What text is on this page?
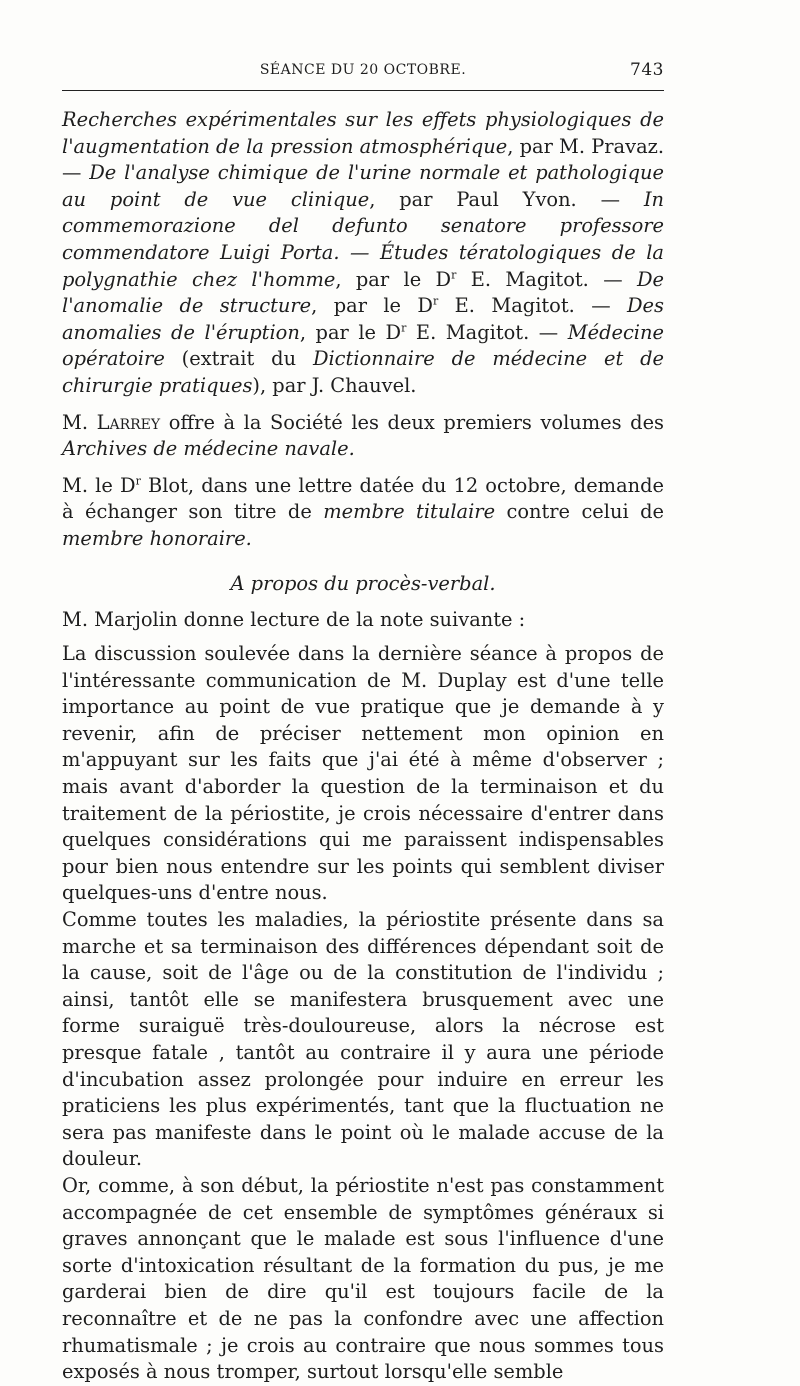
SÉANCE DU 20 OCTOBRE.	743

Recherches expérimentales sur les effets physiologiques de l'augmentation de la pression atmosphérique, par M. Pravaz. — De l'analyse chimique de l'urine normale et pathologique au point de vue clinique, par Paul Yvon. — In commemorazione del defunto senatore professore commendatore Luigi Porta. — Études tératologiques de la polygnathie chez l'homme, par le $D^r$ E. Magitot. — De l'anomalie de structure, par le $D^r$ E. Magitot. — Des anomalies de l'éruption, par le $D^r$ E. Magitot. — Médecine opératoire (extrait du Dictionnaire de médecine et de chirurgie pratiques), par J. Chauvel.

M. Larrey offre à la Société les deux premiers volumes des Archives de médecine navale.

M. le $D^r$ Blot, dans une lettre datée du 12 octobre, demande à échanger son titre de membre titulaire contre celui de membre honoraire.

A propos du procès-verbal.

M. Marjolin donne lecture de la note suivante :

La discussion soulevée dans la dernière séance à propos de l'intéressante communication de M. Duplay est d'une telle importance au point de vue pratique que je demande à y revenir, afin de préciser nettement mon opinion en m'appuyant sur les faits que j'ai été à même d'observer ; mais avant d'aborder la question de la terminaison et du traitement de la périostite, je crois nécessaire d'entrer dans quelques considérations qui me paraissent indispensables pour bien nous entendre sur les points qui semblent diviser quelques-uns d'entre nous.

Comme toutes les maladies, la périostite présente dans sa marche et sa terminaison des différences dépendant soit de la cause, soit de l'âge ou de la constitution de l'individu ; ainsi, tantôt elle se manifestera brusquement avec une forme suraiguë très-douloureuse, alors la nécrose est presque fatale , tantôt au contraire il y aura une période d'incubation assez prolongée pour induire en erreur les praticiens les plus expérimentés, tant que la fluctuation ne sera pas manifeste dans le point où le malade accuse de la douleur.

Or, comme, à son début, la périostite n'est pas constamment accompagnée de cet ensemble de symptômes généraux si graves annonçant que le malade est sous l'influence d'une sorte d'intoxication résultant de la formation du pus, je me garderai bien de dire qu'il est toujours facile de la reconnaître et de ne pas la confondre avec une affection rhumatismale ; je crois au contraire que nous sommes tous exposés à nous tromper, surtout lorsqu'elle semble
